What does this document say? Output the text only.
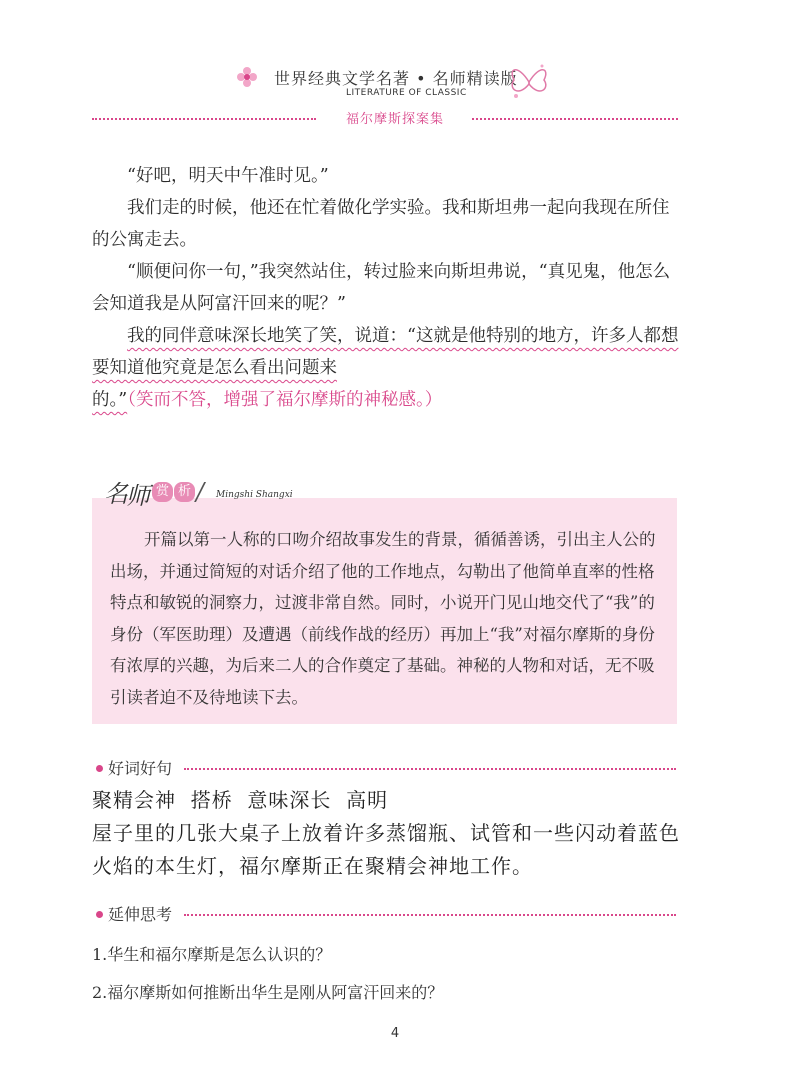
世界经典文学名著 • 名师精读版
LITERATURE OF CLASSIC
福尔摩斯探案集

“好吧，明天中午准时见。”

我们走的时候，他还在忙着做化学实验。我和斯坦弗一起向我现在所住的公寓走去。

“顺便问你一句，”我突然站住，转过脸来向斯坦弗说，“真见鬼，他怎么会知道我是从阿富汗回来的呢？”

我的同伴意味深长地笑了笑，说道：“这就是他特别的地方，许多人都想要知道他究竟是怎么看出问题来的。”（笑而不答，增强了福尔摩斯的神秘感。）

名
师 赏 析 / Mingshi Shangxi

开篇以第一人称的口吻介绍故事发生的背景，循循善诱，引出主人公的出场，并通过简短的对话介绍了他的工作地点，勾勒出了他简单直率的性格特点和敏锐的洞察力，过渡非常自然。同时，小说开门见山地交代了“我”的身份（军医助理）及遭遇（前线作战的经历）再加上“我”对福尔摩斯的身份有浓厚的兴趣，为后来二人的合作奠定了基础。神秘的人物和对话，无不吸引读者迫不及待地读下去。

好词好句

聚精会神  搭桥  意味深长  高明

屋子里的几张大桌子上放着许多蒸馏瓶、试管和一些闪动着蓝色火焰的本生灯，福尔摩斯正在聚精会神地工作。

延伸思考

1.华生和福尔摩斯是怎么认识的？

2.福尔摩斯如何推断出华生是刚从阿富汗回来的？

4
